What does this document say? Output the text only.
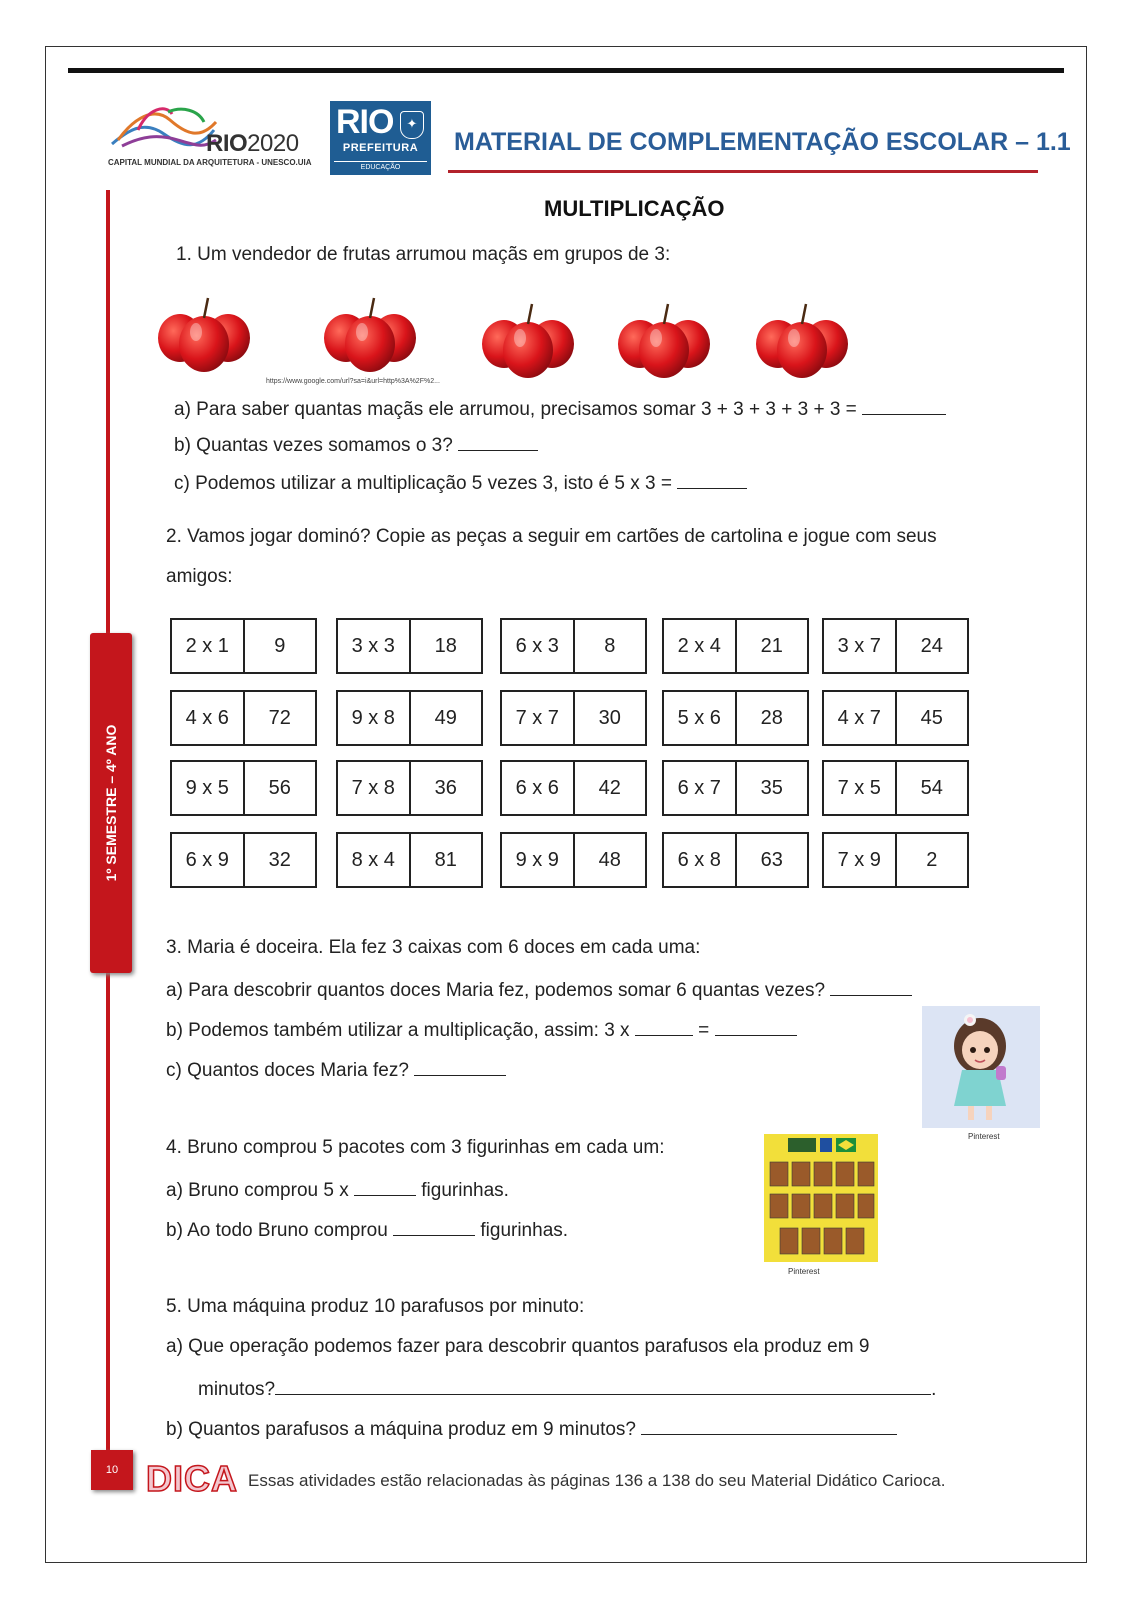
RIO2020
CAPITAL MUNDIAL DA ARQUITETURA - UNESCO.UIA
RIO	✦
PREFEITURA
EDUCAÇÃO
MATERIAL DE COMPLEMENTAÇÃO ESCOLAR – 1.1
1º SEMESTRE – 4º ANO
10
MULTIPLICAÇÃO
1. Um vendedor de frutas arrumou maçãs em grupos de 3:
https://www.google.com/url?sa=i&url=http%3A%2F%2...
a) Para saber quantas maçãs ele arrumou, precisamos somar 3 + 3 + 3 + 3 + 3 =
b) Quantas vezes somamos o 3?
c) Podemos utilizar a multiplicação 5 vezes 3, isto é 5 x 3 =
2. Vamos jogar dominó? Copie as peças a seguir em cartões de cartolina e jogue com seus
amigos:
2 x 1	9	3 x 3	18	6 x 3	8	2 x 4	21	3 x 7	24
4 x 6	72	9 x 8	49	7 x 7	30	5 x 6	28	4 x 7	45
9 x 5	56	7 x 8	36	6 x 6	42	6 x 7	35	7 x 5	54
6 x 9	32	8 x 4	81	9 x 9	48	6 x 8	63	7 x 9	2
3. Maria é doceira. Ela fez 3 caixas com 6 doces em cada uma:
a) Para descobrir quantos doces Maria fez, podemos somar 6 quantas vezes?
b) Podemos também utilizar a multiplicação, assim: 3 x	=
c) Quantos doces Maria fez?
Pinterest
4. Bruno comprou 5 pacotes com 3 figurinhas em cada um:
a) Bruno comprou 5 x	figurinhas.
b) Ao todo Bruno comprou	figurinhas.
Pinterest
5. Uma máquina produz 10 parafusos por minuto:
a) Que operação podemos fazer para descobrir quantos parafusos ela produz em 9
minutos?	.
b) Quantos parafusos a máquina produz em 9 minutos?
DICA Essas atividades estão relacionadas às páginas 136 a 138 do seu Material Didático Carioca.
